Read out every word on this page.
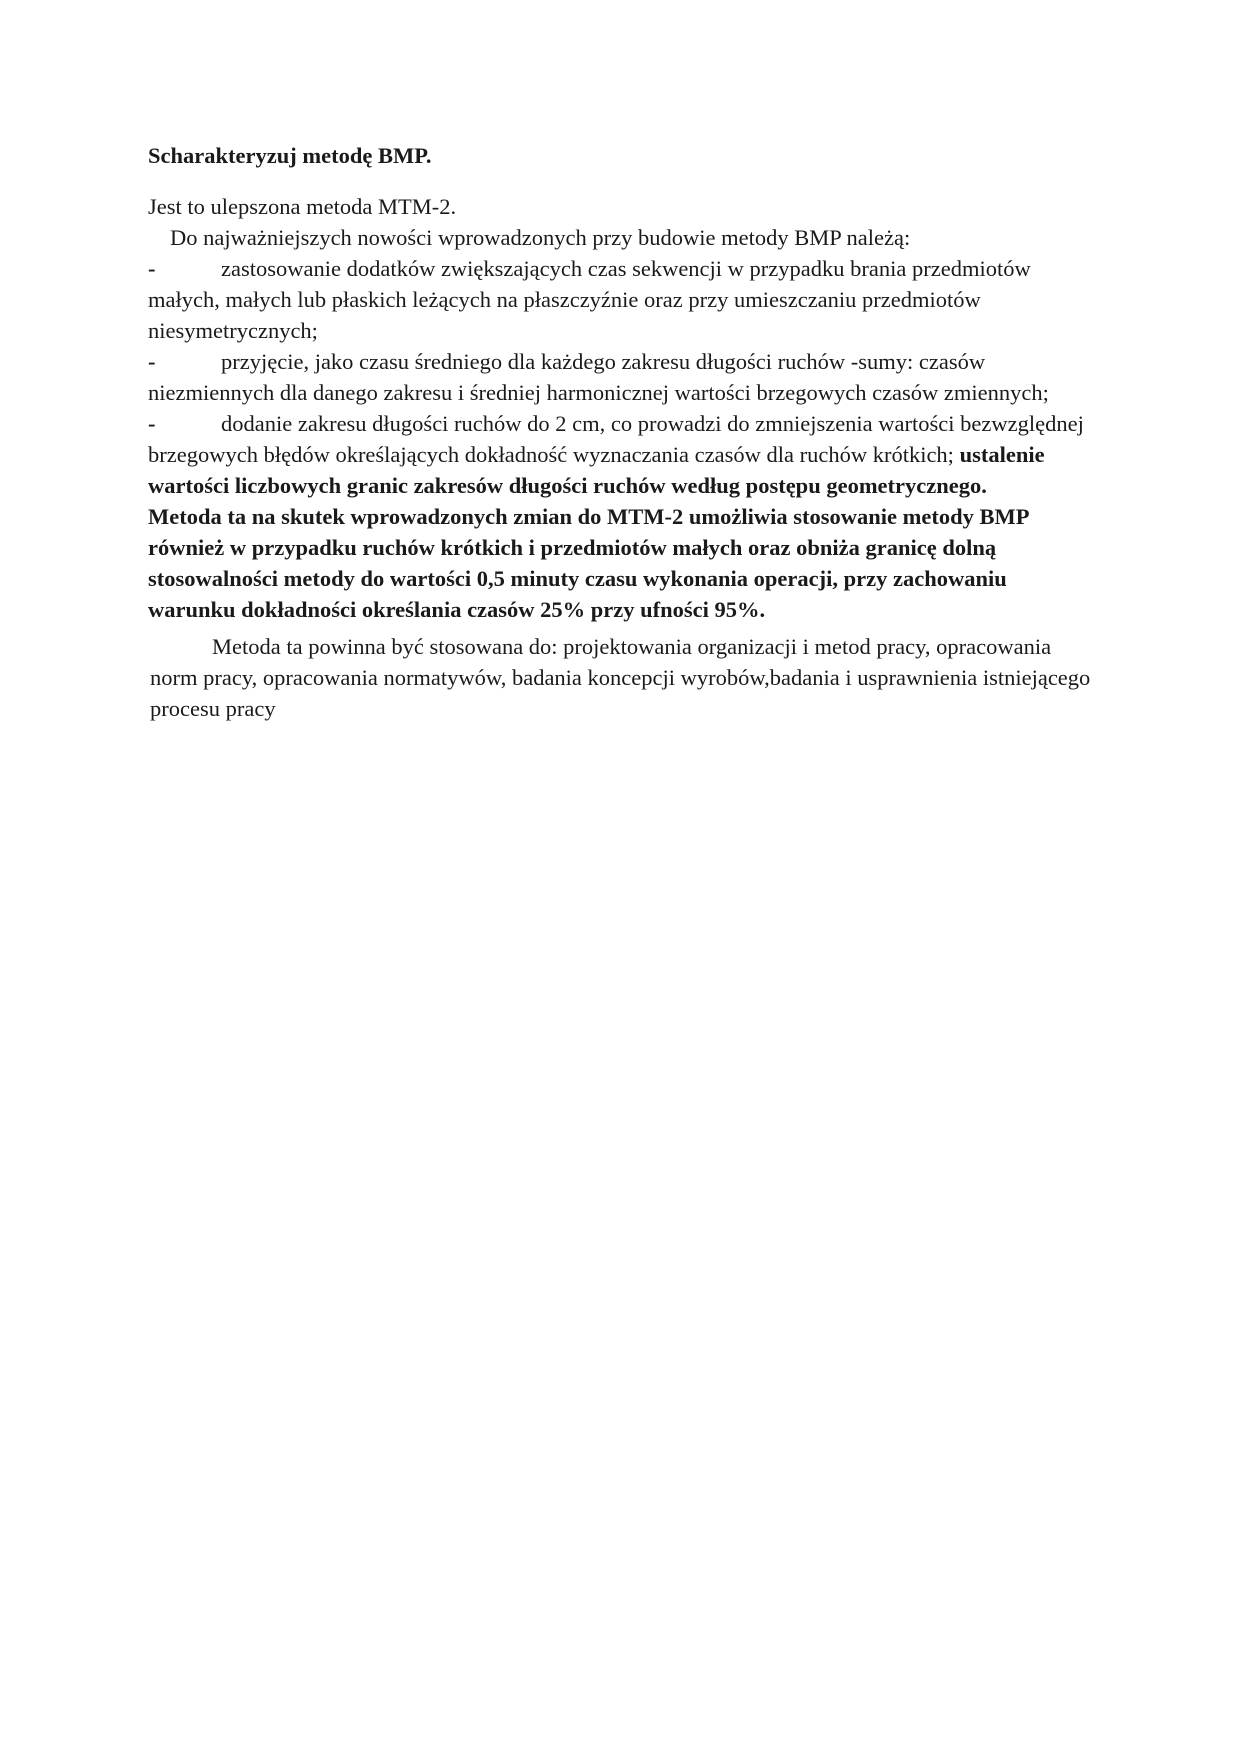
Scharakteryzuj metodę BMP.

Jest to ulepszona metoda MTM-2.

Do najważniejszych nowości wprowadzonych przy budowie metody BMP należą:

-	zastosowanie dodatków zwiększających czas sekwencji w przypadku brania przedmiotów małych, małych lub płaskich leżących na płaszczyźnie oraz przy umieszczaniu przedmiotów niesymetrycznych;

-	przyjęcie, jako czasu średniego dla każdego zakresu długości ruchów -sumy: czasów niezmiennych dla danego zakresu i średniej harmonicznej wartości brzegowych czasów zmiennych;

-	dodanie zakresu długości ruchów do 2 cm, co prowadzi do zmniejszenia wartości bezwzględnej brzegowych błędów określających dokładność wyznaczania czasów dla ruchów krótkich; ustalenie wartości liczbowych granic zakresów długości ruchów według postępu geometrycznego.

Metoda ta na skutek wprowadzonych zmian do MTM-2 umożliwia stosowanie metody BMP również w przypadku ruchów krótkich i przedmiotów małych oraz obniża granicę dolną stosowalności metody do wartości 0,5 minuty czasu wykonania operacji, przy zachowaniu warunku dokładności określania czasów 25% przy ufności 95%.

Metoda ta powinna być stosowana do: projektowania organizacji i metod pracy, opracowania norm pracy, opracowania normatywów, badania koncepcji wyrobów,badania i usprawnienia istniejącego procesu pracy
